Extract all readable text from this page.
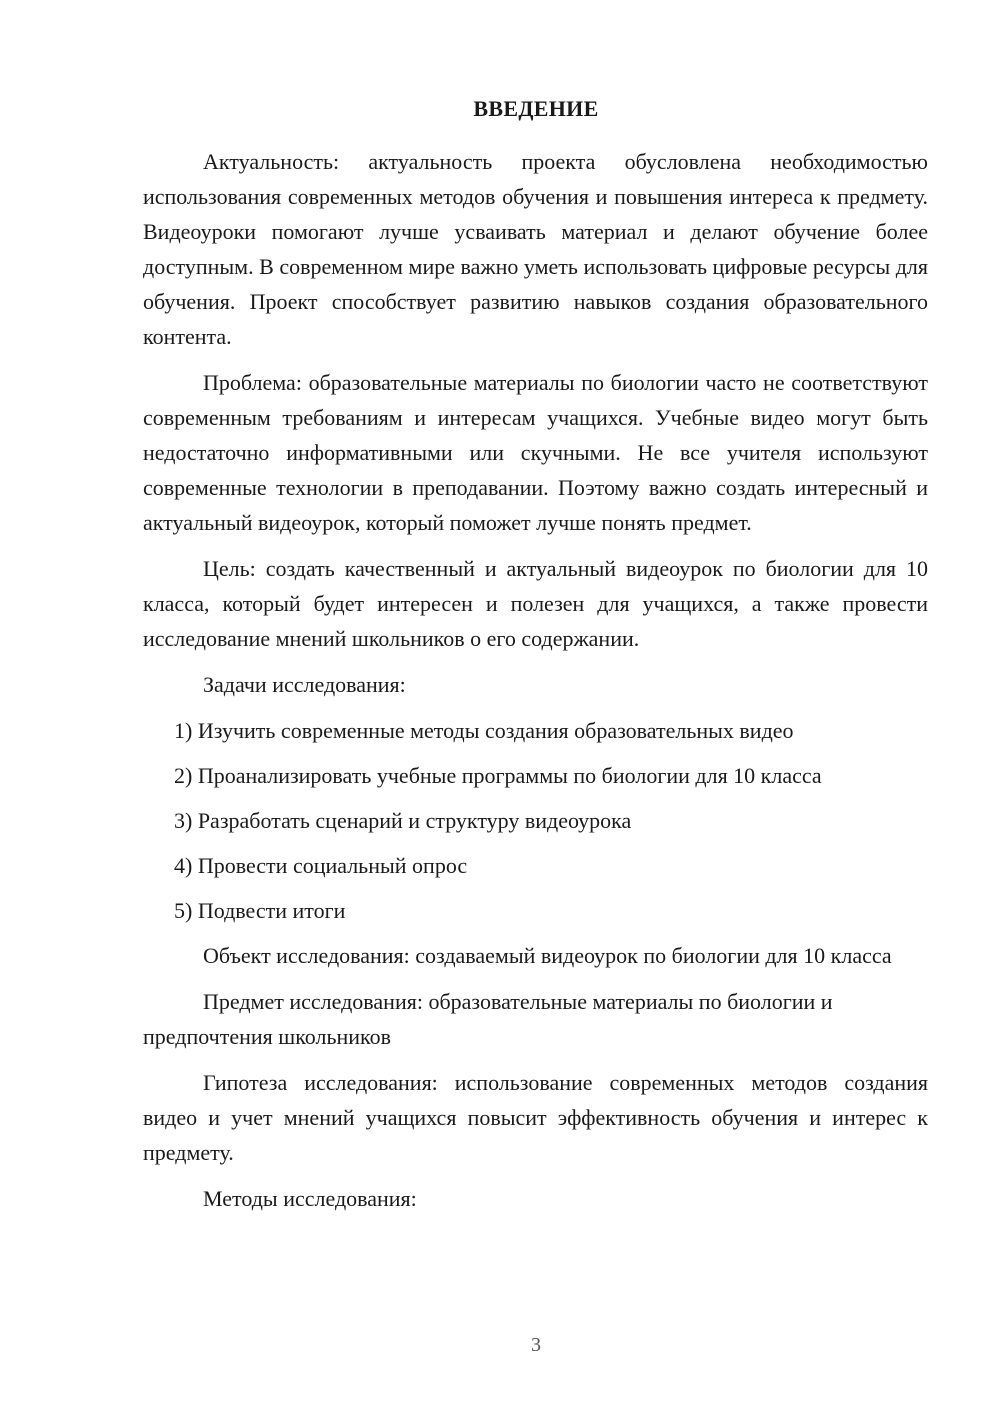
ВВЕДЕНИЕ

Актуальность: актуальность проекта обусловлена необходимостью использования современных методов обучения и повышения интереса к предмету. Видеоуроки помогают лучше усваивать материал и делают обучение более доступным. В современном мире важно уметь использовать цифровые ресурсы для обучения. Проект способствует развитию навыков создания образовательного контента.

Проблема: образовательные материалы по биологии часто не соответствуют современным требованиям и интересам учащихся. Учебные видео могут быть недостаточно информативными или скучными. Не все учителя используют современные технологии в преподавании. Поэтому важно создать интересный и актуальный видеоурок, который поможет лучше понять предмет.

Цель: создать качественный и актуальный видеоурок по биологии для 10 класса, который будет интересен и полезен для учащихся, а также провести исследование мнений школьников о его содержании.

Задачи исследования:

1) Изучить современные методы создания образовательных видео
2) Проанализировать учебные программы по биологии для 10 класса
3) Разработать сценарий и структуру видеоурока
4) Провести социальный опрос
5) Подвести итоги

Объект исследования: создаваемый видеоурок по биологии для 10 класса

Предмет исследования: образовательные материалы по биологии и предпочтения школьников

Гипотеза исследования: использование современных методов создания видео и учет мнений учащихся повысит эффективность обучения и интерес к предмету.

Методы исследования:

3
